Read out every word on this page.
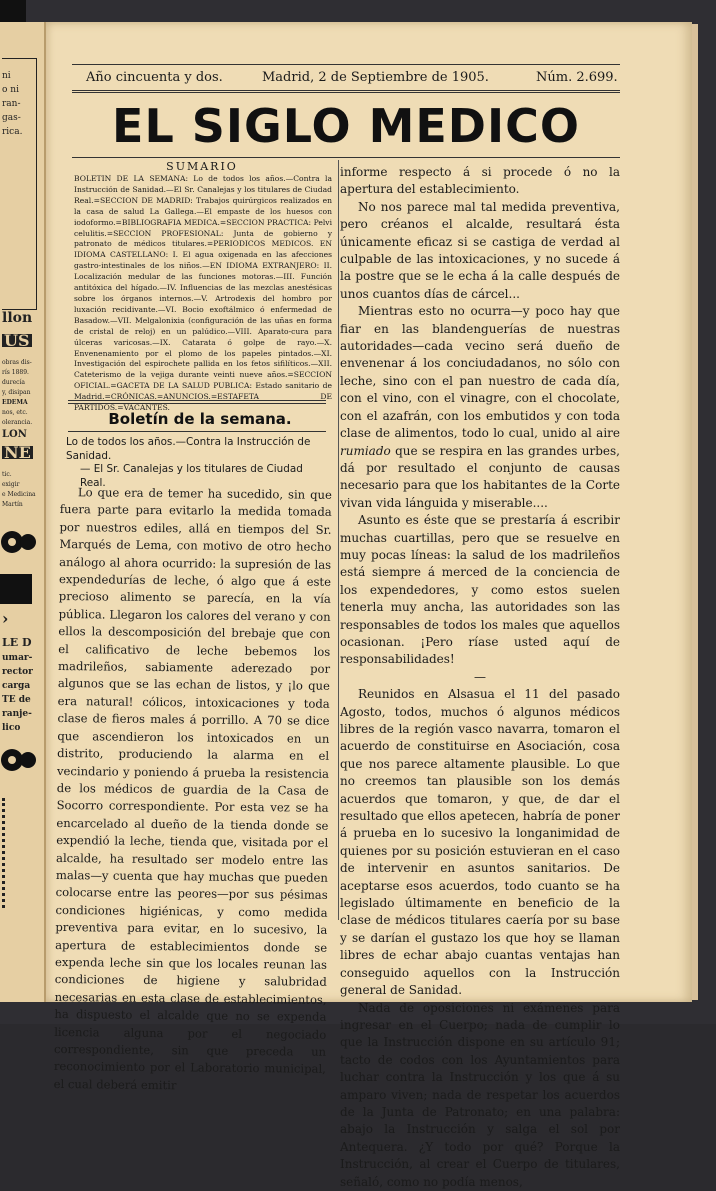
ni
o ni
ran-
gas-
rica.
llon
US
obras dis-
rís 1889.
durecía
y, disipan
EDEMA
nos, etc.
olerancia.
LON
NE
tic.
exigir
e Medicina
Martín
›
LE D
umar-
rector
carga
TE de
ranje-
lico
Año cincuenta y dos.	Madrid, 2 de Septiembre de 1905.	Núm. 2.699.
EL SIGLO MEDICO
SUMARIO
BOLETIN DE LA SEMANA: Lo de todos los años.—Contra la Instrucción de Sanidad.—El Sr. Canalejas y los titulares de Ciudad Real.=SECCION DE MADRID: Trabajos quirúrgicos realizados en la casa de salud La Gallega.—El empaste de los huesos con iodoformo.=BIBLIOGRAFIA MEDICA.=SECCION PRACTICA: Pelvi celulitis.=SECCION PROFESIONAL: Junta de gobierno y patronato de médicos titulares.=PERIODICOS MEDICOS. EN IDIOMA CASTELLANO: I. El agua oxigenada en las afecciones gastro-intestinales de los niños.—EN IDIOMA EXTRANJERO: II. Localización medular de las funciones motoras.—III. Función antitóxica del hígado.—IV. Influencias de las mezclas anestésicas sobre los órganos internos.—V. Artrodexis del hombro por luxación recidivante.—VI. Bocio exoftálmico ó enfermedad de Basadow.—VII. Melgalonixia (configuración de las uñas en forma de cristal de reloj) en un palúdico.—VIII. Aparato-cura para úlceras varicosas.—IX. Catarata ó golpe de rayo.—X. Envenenamiento por el plomo de los papeles pintados.—XI. Investigación del espirochete pallida en los fetos sifilíticos.—XII. Cateterismo de la vejiga durante veinti nueve años.=SECCION OFICIAL.=GACETA DE LA SALUD PUBLICA: Estado sanitario de Madrid.=CRÓNICAS.=ANUNCIOS.=ESTAFETA DE PARTIDOS.=VACANTES.
Boletín de la semana.
Lo de todos los años.—Contra la Instrucción de Sanidad.
— El Sr. Canalejas y los titulares de Ciudad Real.

Lo que era de temer ha sucedido, sin que fuera parte para evitarlo la medida tomada por nuestros ediles, allá en tiempos del Sr. Marqués de Lema, con motivo de otro hecho análogo al ahora ocurrido: la supresión de las expendedurías de leche, ó algo que á este precioso alimento se parecía, en la vía pública. Llegaron los calores del verano y con ellos la descomposición del brebaje que con el calificativo de leche bebemos los madrileños, sabiamente aderezado por algunos que se las echan de listos, y ¡lo que era natural! cólicos, intoxicaciones y toda clase de fieros males á porrillo. A 70 se dice que ascendieron los intoxicados en un distrito, produciendo la alarma en el vecindario y poniendo á prueba la resistencia de los médicos de guardia de la Casa de Socorro correspondiente. Por esta vez se ha encarcelado al dueño de la tienda donde se expendió la leche, tienda que, visitada por el alcalde, ha resultado ser modelo entre las malas—y cuenta que hay muchas que pueden colocarse entre las peores—por sus pésimas condiciones higiénicas, y como medida preventiva para evitar, en lo sucesivo, la apertura de establecimientos donde se expenda leche sin que los locales reunan las condiciones de higiene y salubridad necesarias en esta clase de establecimientos, ha dispuesto el alcalde que no se expenda licencia alguna por el negociado correspondiente, sin que preceda un reconocimiento por el Laboratorio municipal, el cual deberá emitir

informe respecto á si procede ó no la apertura del establecimiento.

No nos parece mal tal medida preventiva, pero créanos el alcalde, resultará ésta únicamente eficaz si se castiga de verdad al culpable de las intoxicaciones, y no sucede á la postre que se le echa á la calle después de unos cuantos días de cárcel...

Mientras esto no ocurra—y poco hay que fiar en las blandenguerías de nuestras autoridades—cada vecino será dueño de envenenar á los conciudadanos, no sólo con leche, sino con el pan nuestro de cada día, con el vino, con el vinagre, con el chocolate, con el azafrán, con los embutidos y con toda clase de alimentos, todo lo cual, unido al aire rumiado que se respira en las grandes urbes, dá por resultado el conjunto de causas necesario para que los habitantes de la Corte vivan vida lánguida y miserable....

Asunto es éste que se prestaría á escribir muchas cuartillas, pero que se resuelve en muy pocas líneas: la salud de los madrileños está siempre á merced de la conciencia de los expendedores, y como estos suelen tenerla muy ancha, las autoridades son las responsables de todos los males que aquellos ocasionan. ¡Pero ríase usted aquí de responsabilidades!

—

Reunidos en Alsasua el 11 del pasado Agosto, todos, muchos ó algunos médicos libres de la región vasco navarra, tomaron el acuerdo de constituirse en Asociación, cosa que nos parece altamente plausible. Lo que no creemos tan plausible son los demás acuerdos que tomaron, y que, de dar el resultado que ellos apetecen, habría de poner á prueba en lo sucesivo la longanimidad de quienes por su posición estuvieran en el caso de intervenir en asuntos sanitarios. De aceptarse esos acuerdos, todo cuanto se ha legislado últimamente en beneficio de la clase de médicos titulares caería por su base y se darían el gustazo los que hoy se llaman libres de echar abajo cuantas ventajas han conseguido aquellos con la Instrucción general de Sanidad.

Nada de oposiciones ni exámenes para ingresar en el Cuerpo; nada de cumplir lo que la Instrucción dispone en su artículo 91; tacto de codos con los Ayuntamientos para luchar contra la Instrucción y los que á su amparo viven; nada de respetar los acuerdos de la Junta de Patronato; en una palabra: abajo la Instrucción y salga el sol por Antequera. ¿Y todo por qué? Porque la Instrucción, al crear el Cuerpo de titulares, señaló, como no podía menos,
